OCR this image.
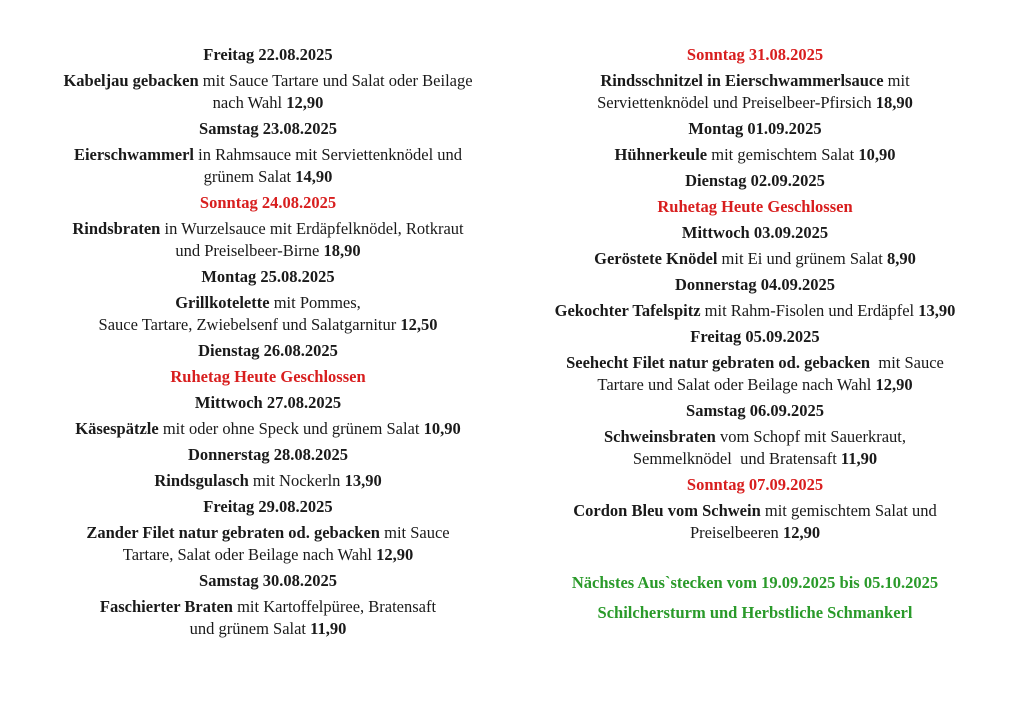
Freitag 22.08.2025
Kabeljau gebacken mit Sauce Tartare und Salat oder Beilage
nach Wahl 12,90
Samstag 23.08.2025
Eierschwammerl in Rahmsauce mit Serviettenknödel und
grünem Salat 14,90
Sonntag 24.08.2025
Rindsbraten in Wurzelsauce mit Erdäpfelknödel, Rotkraut
und Preiselbeer-Birne 18,90
Montag 25.08.2025
Grillkotelette mit Pommes,
Sauce Tartare, Zwiebelsenf und Salatgarnitur 12,50
Dienstag 26.08.2025
Ruhetag Heute Geschlossen
Mittwoch 27.08.2025
Käsespätzle mit oder ohne Speck und grünem Salat 10,90
Donnerstag 28.08.2025
Rindsgulasch mit Nockerln 13,90
Freitag 29.08.2025
Zander Filet natur gebraten od. gebacken mit Sauce
Tartare, Salat oder Beilage nach Wahl 12,90
Samstag 30.08.2025
Faschierter Braten mit Kartoffelpüree, Bratensaft
und grünem Salat 11,90
Sonntag 31.08.2025
Rindsschnitzel in Eierschwammerlsauce mit
Serviettenknödel und Preiselbeer-Pfirsich 18,90
Montag 01.09.2025
Hühnerkeule mit gemischtem Salat 10,90
Dienstag 02.09.2025
Ruhetag Heute Geschlossen
Mittwoch 03.09.2025
Geröstete Knödel mit Ei und grünem Salat 8,90
Donnerstag 04.09.2025
Gekochter Tafelspitz mit Rahm-Fisolen und Erdäpfel 13,90
Freitag 05.09.2025
Seehecht Filet natur gebraten od. gebacken  mit Sauce
Tartare und Salat oder Beilage nach Wahl 12,90
Samstag 06.09.2025
Schweinsbraten vom Schopf mit Sauerkraut,
Semmelknödel  und Bratensaft 11,90
Sonntag 07.09.2025
Cordon Bleu vom Schwein mit gemischtem Salat und
Preiselbeeren 12,90
Nächstes Aus`stecken vom 19.09.2025 bis 05.10.2025
Schilchersturm und Herbstliche Schmankerl
